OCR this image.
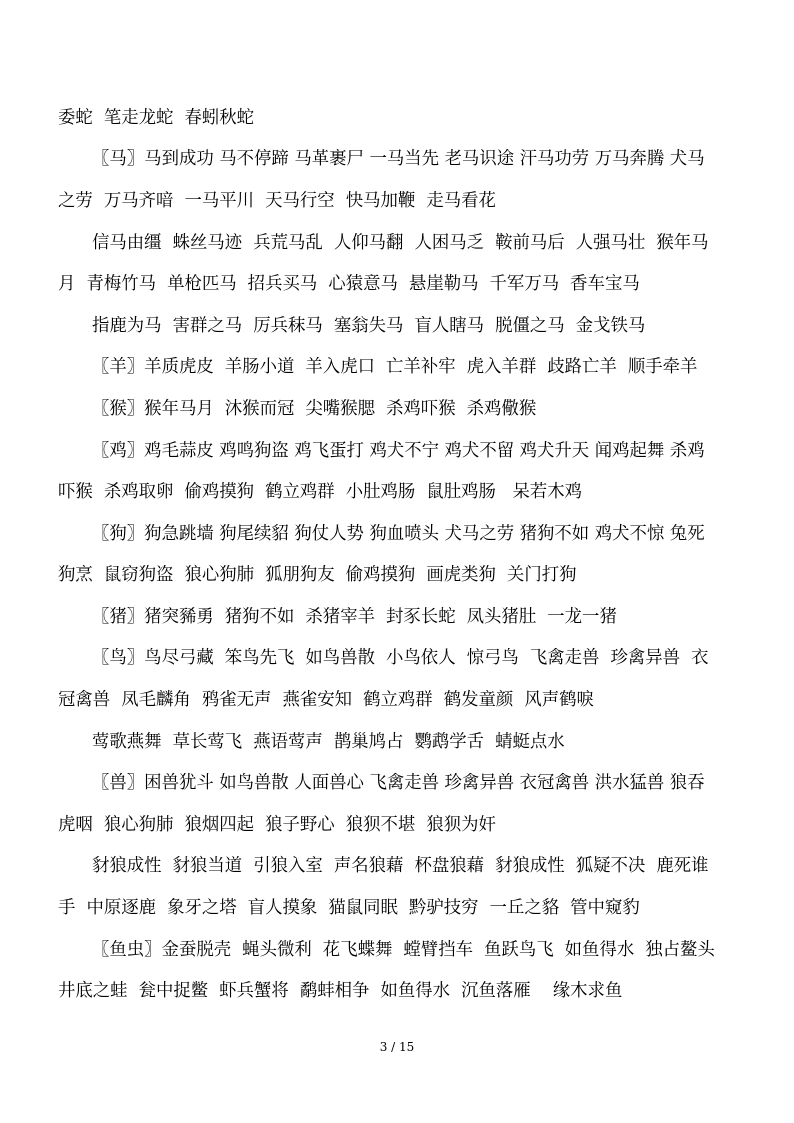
委蛇  笔走龙蛇  春蚓秋蛇
〖马〗马到成功 马不停蹄 马革裹尸 一马当先 老马识途 汗马功劳 万马奔腾 犬马
之劳  万马齐喑  一马平川  天马行空  快马加鞭  走马看花
信马由缰  蛛丝马迹  兵荒马乱  人仰马翻  人困马乏  鞍前马后  人强马壮  猴年马
月  青梅竹马  单枪匹马  招兵买马  心猿意马  悬崖勒马  千军万马  香车宝马
指鹿为马  害群之马  厉兵秣马  塞翁失马  盲人瞎马  脱僵之马  金戈铁马
〖羊〗羊质虎皮  羊肠小道  羊入虎口  亡羊补牢  虎入羊群  歧路亡羊  顺手牵羊
〖猴〗猴年马月  沐猴而冠  尖嘴猴腮  杀鸡吓猴  杀鸡儆猴
〖鸡〗鸡毛蒜皮 鸡鸣狗盗 鸡飞蛋打 鸡犬不宁 鸡犬不留 鸡犬升天 闻鸡起舞 杀鸡
吓猴  杀鸡取卵  偷鸡摸狗  鹤立鸡群  小肚鸡肠  鼠肚鸡肠   呆若木鸡
〖狗〗狗急跳墙 狗尾续貂 狗仗人势 狗血喷头 犬马之劳 猪狗不如 鸡犬不惊 兔死
狗烹  鼠窃狗盗  狼心狗肺  狐朋狗友  偷鸡摸狗  画虎类狗  关门打狗
〖猪〗猪突豨勇  猪狗不如  杀猪宰羊  封豕长蛇  凤头猪肚  一龙一猪
〖鸟〗鸟尽弓藏  笨鸟先飞  如鸟兽散  小鸟依人  惊弓鸟  飞禽走兽  珍禽异兽  衣
冠禽兽  凤毛麟角  鸦雀无声  燕雀安知  鹤立鸡群  鹤发童颜  风声鹤唳
莺歌燕舞  草长莺飞  燕语莺声  鹊巢鸠占  鹦鹉学舌  蜻蜓点水
〖兽〗困兽犹斗 如鸟兽散 人面兽心 飞禽走兽 珍禽异兽 衣冠禽兽 洪水猛兽 狼吞
虎咽  狼心狗肺  狼烟四起  狼子野心  狼狈不堪  狼狈为奸
豺狼成性  豺狼当道  引狼入室  声名狼藉  杯盘狼藉  豺狼成性  狐疑不决  鹿死谁
手  中原逐鹿  象牙之塔  盲人摸象  猫鼠同眠  黔驴技穷  一丘之貉  管中窥豹
〖鱼虫〗金蚕脱壳  蝇头微利  花飞蝶舞  螳臂挡车  鱼跃鸟飞  如鱼得水  独占鳌头
井底之蛙  瓮中捉鳖  虾兵蟹将  鹬蚌相争  如鱼得水  沉鱼落雁    缘木求鱼
3 / 15
